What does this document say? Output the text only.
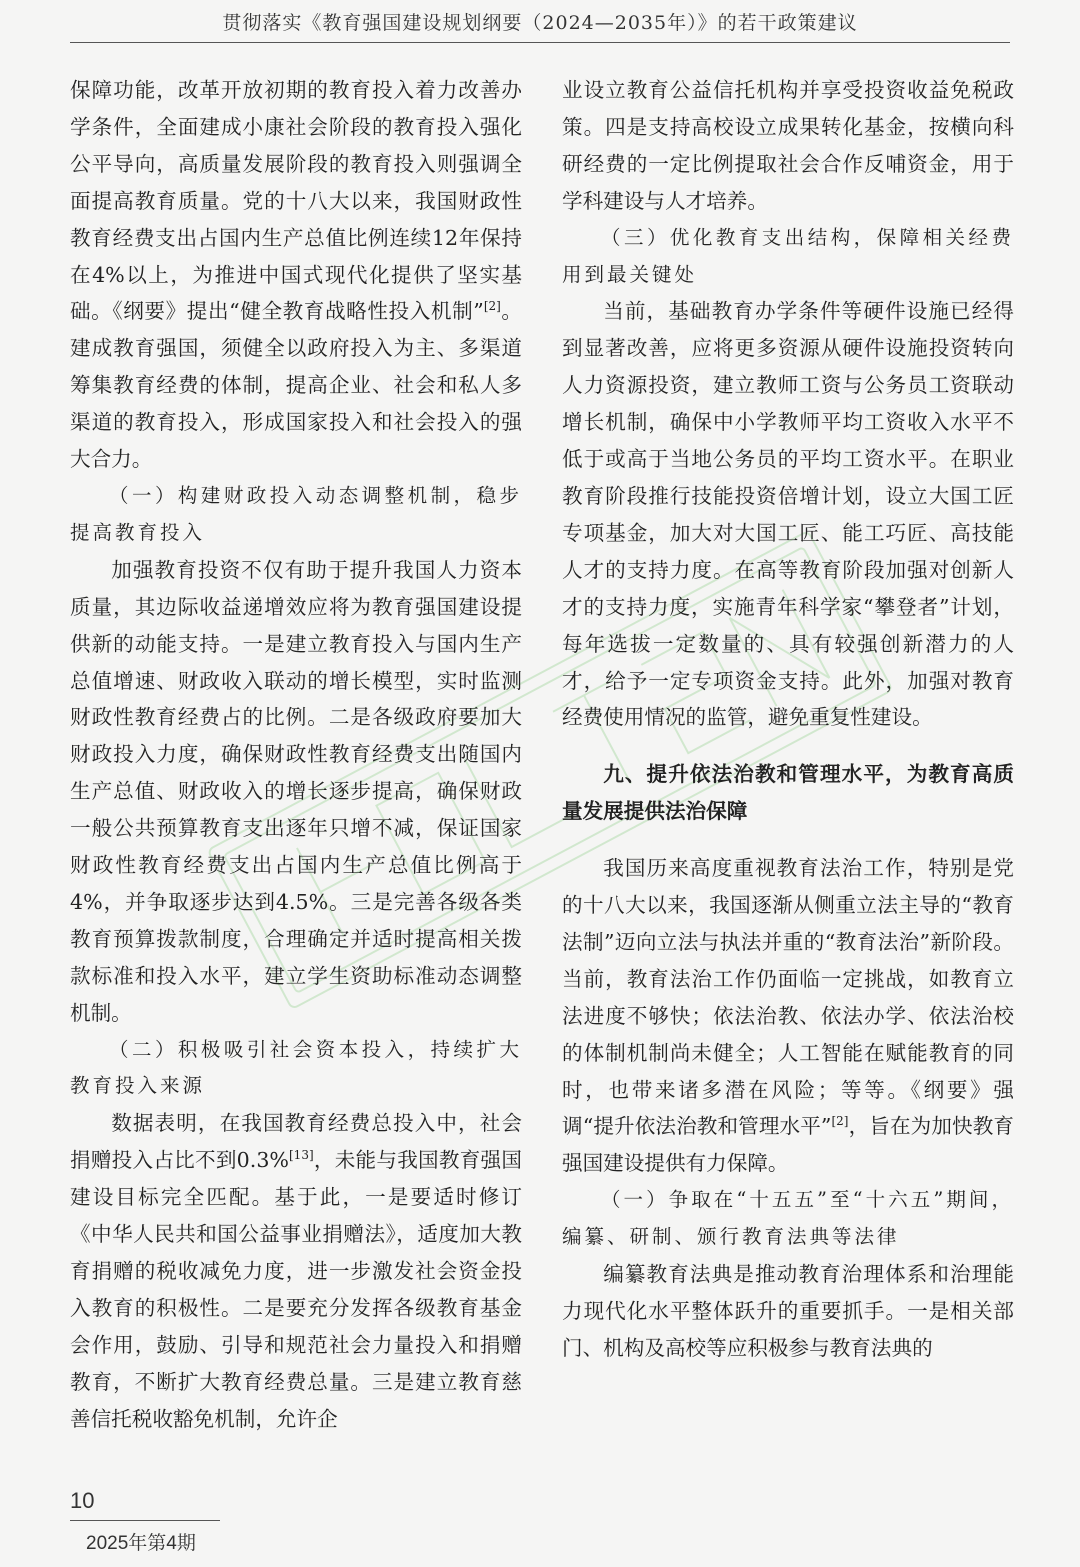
贯彻落实《教育强国建设规划纲要（2024—2035年）》的若干政策建议

保障功能，改革开放初期的教育投入着力改善办学条件，全面建成小康社会阶段的教育投入强化公平导向，高质量发展阶段的教育投入则强调全面提高教育质量。党的十八大以来，我国财政性教育经费支出占国内生产总值比例连续12年保持在4%以上，为推进中国式现代化提供了坚实基础。《纲要》提出“健全教育战略性投入机制”[2]。建成教育强国，须健全以政府投入为主、多渠道筹集教育经费的体制，提高企业、社会和私人多渠道的教育投入，形成国家投入和社会投入的强大合力。

（一）构建财政投入动态调整机制，稳步提高教育投入

加强教育投资不仅有助于提升我国人力资本质量，其边际收益递增效应将为教育强国建设提供新的动能支持。一是建立教育投入与国内生产总值增速、财政收入联动的增长模型，实时监测财政性教育经费占的比例。二是各级政府要加大财政投入力度，确保财政性教育经费支出随国内生产总值、财政收入的增长逐步提高，确保财政一般公共预算教育支出逐年只增不减，保证国家财政性教育经费支出占国内生产总值比例高于4%，并争取逐步达到4.5%。三是完善各级各类教育预算拨款制度，合理确定并适时提高相关拨款标准和投入水平，建立学生资助标准动态调整机制。

（二）积极吸引社会资本投入，持续扩大教育投入来源

数据表明，在我国教育经费总投入中，社会捐赠投入占比不到0.3%[13]，未能与我国教育强国建设目标完全匹配。基于此，一是要适时修订《中华人民共和国公益事业捐赠法》，适度加大教育捐赠的税收减免力度，进一步激发社会资金投入教育的积极性。二是要充分发挥各级教育基金会作用，鼓励、引导和规范社会力量投入和捐赠教育，不断扩大教育经费总量。三是建立教育慈善信托税收豁免机制，允许企

业设立教育公益信托机构并享受投资收益免税政策。四是支持高校设立成果转化基金，按横向科研经费的一定比例提取社会合作反哺资金，用于学科建设与人才培养。

（三）优化教育支出结构，保障相关经费用到最关键处

当前，基础教育办学条件等硬件设施已经得到显著改善，应将更多资源从硬件设施投资转向人力资源投资，建立教师工资与公务员工资联动增长机制，确保中小学教师平均工资收入水平不低于或高于当地公务员的平均工资水平。在职业教育阶段推行技能投资倍增计划，设立大国工匠专项基金，加大对大国工匠、能工巧匠、高技能人才的支持力度。在高等教育阶段加强对创新人才的支持力度，实施青年科学家“攀登者”计划，每年选拔一定数量的、具有较强创新潜力的人才，给予一定专项资金支持。此外，加强对教育经费使用情况的监管，避免重复性建设。

九、提升依法治教和管理水平，为教育高质量发展提供法治保障

我国历来高度重视教育法治工作，特别是党的十八大以来，我国逐渐从侧重立法主导的“教育法制”迈向立法与执法并重的“教育法治”新阶段。当前，教育法治工作仍面临一定挑战，如教育立法进度不够快；依法治教、依法办学、依法治校的体制机制尚未健全；人工智能在赋能教育的同时，也带来诸多潜在风险；等等。《纲要》强调“提升依法治教和管理水平”[2]，旨在为加快教育强国建设提供有力保障。

（一）争取在“十五五”至“十六五”期间，编纂、研制、颁行教育法典等法律

编纂教育法典是推动教育治理体系和治理能力现代化水平整体跃升的重要抓手。一是相关部门、机构及高校等应积极参与教育法典的

10
2025年第4期
